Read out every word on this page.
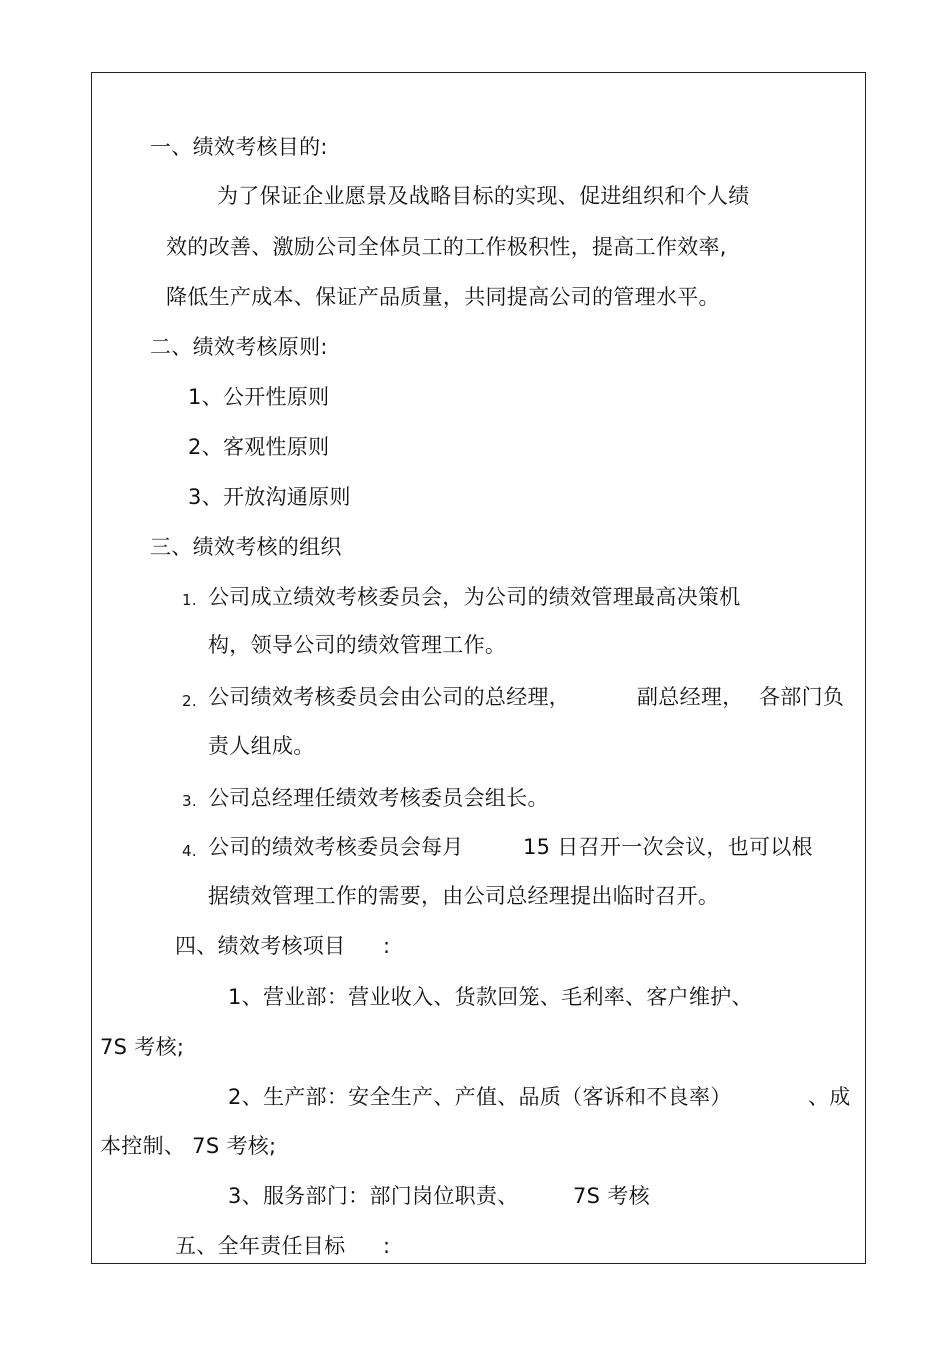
一、绩效考核目的:
为了保证企业愿景及战略目标的实现、促进组织和个人绩
效的改善、激励公司全体员工的工作极积性，提高工作效率,
降低生产成本、保证产品质量，共同提高公司的管理水平。
二、绩效考核原则:
1、公开性原则
2、客观性原则
3、开放沟通原则
三、绩效考核的组织
1. 公司成立绩效考核委员会，为公司的绩效管理最高决策机
构，领导公司的绩效管理工作。
2. 公司绩效考核委员会由公司的总经理，	副总经理， 各部门负
责人组成。
3. 公司总经理任绩效考核委员会组长。
4. 公司的绩效考核委员会每月	15 日召开一次会议，也可以根
据绩效管理工作的需要，由公司总经理提出临时召开。
四、绩效考核项目 :
1、营业部：营业收入、货款回笼、毛利率、客户维护、
7S 考核;
2、生产部：安全生产、产值、品质（客诉和不良率）	、成
本控制、 7S 考核;
3、服务部门：部门岗位职责、	7S 考核
五、全年责任目标 :
